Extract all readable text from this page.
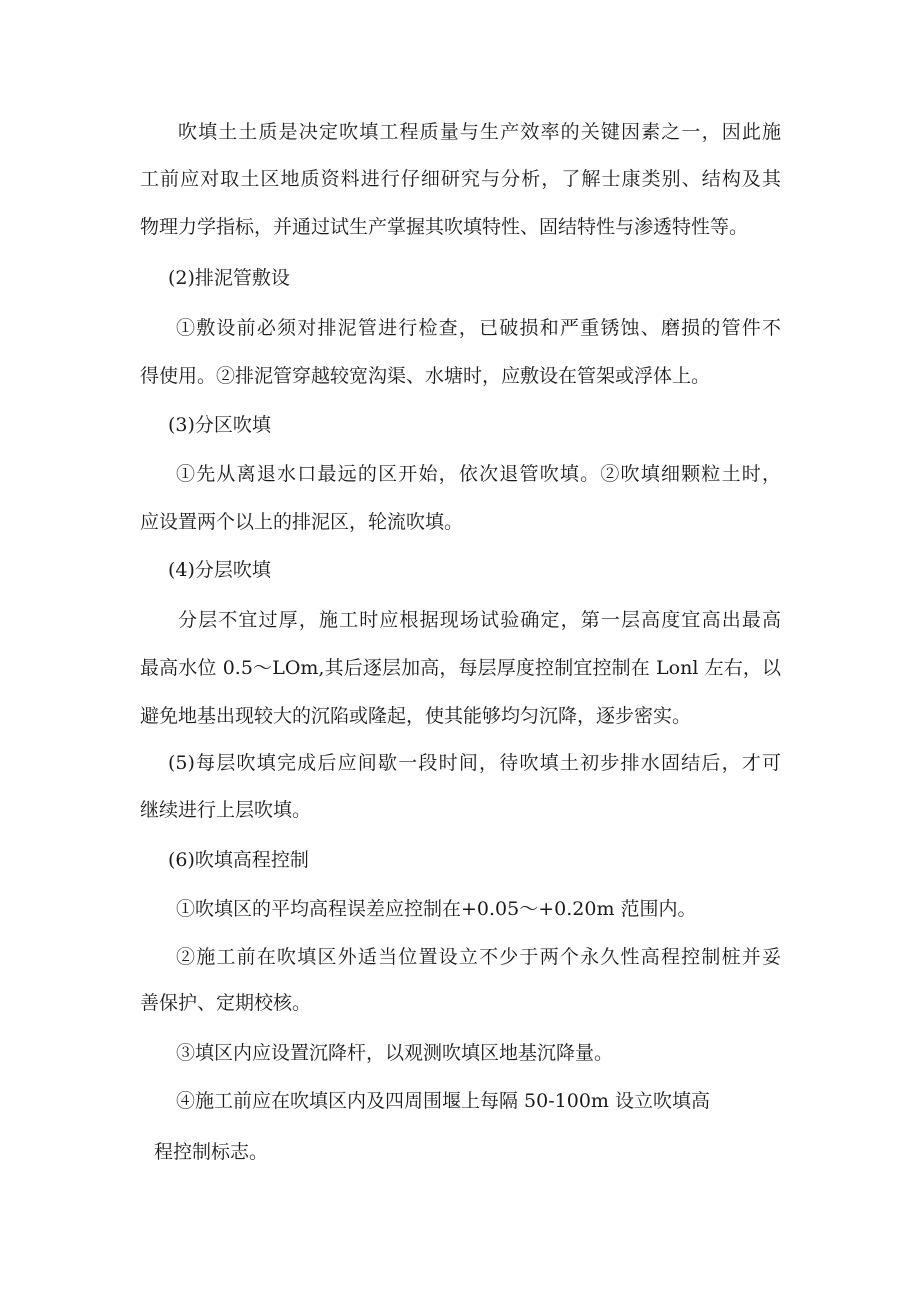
吹填土土质是决定吹填工程质量与生产效率的关键因素之一，因此施

工前应对取土区地质资料进行仔细研究与分析，了解士康类别、结构及其

物理力学指标，并通过试生产掌握其吹填特性、固结特性与渗透特性等。

(2)排泥管敷设

①敷设前必须对排泥管进行检查，已破损和严重锈蚀、磨损的管件不

得使用。②排泥管穿越较宽沟渠、水塘时，应敷设在管架或浮体上。

(3)分区吹填

①先从离退水口最远的区开始，依次退管吹填。②吹填细颗粒土时，

应设置两个以上的排泥区，轮流吹填。

(4)分层吹填

分层不宜过厚，施工时应根据现场试验确定，第一层高度宜高出最高

最高水位 0.5～LOm,其后逐层加高，每层厚度控制宜控制在 Lonl 左右，以

避免地基出现较大的沉陷或隆起，使其能够均匀沉降，逐步密实。

(5)每层吹填完成后应间歇一段时间，待吹填土初步排水固结后，才可

继续进行上层吹填。

(6)吹填高程控制

①吹填区的平均高程误差应控制在+0.05～+0.20m 范围内。

②施工前在吹填区外适当位置设立不少于两个永久性高程控制桩并妥

善保护、定期校核。

③填区内应设置沉降杆，以观测吹填区地基沉降量。

④施工前应在吹填区内及四周围堰上每隔 50-100m 设立吹填高

程控制标志。
